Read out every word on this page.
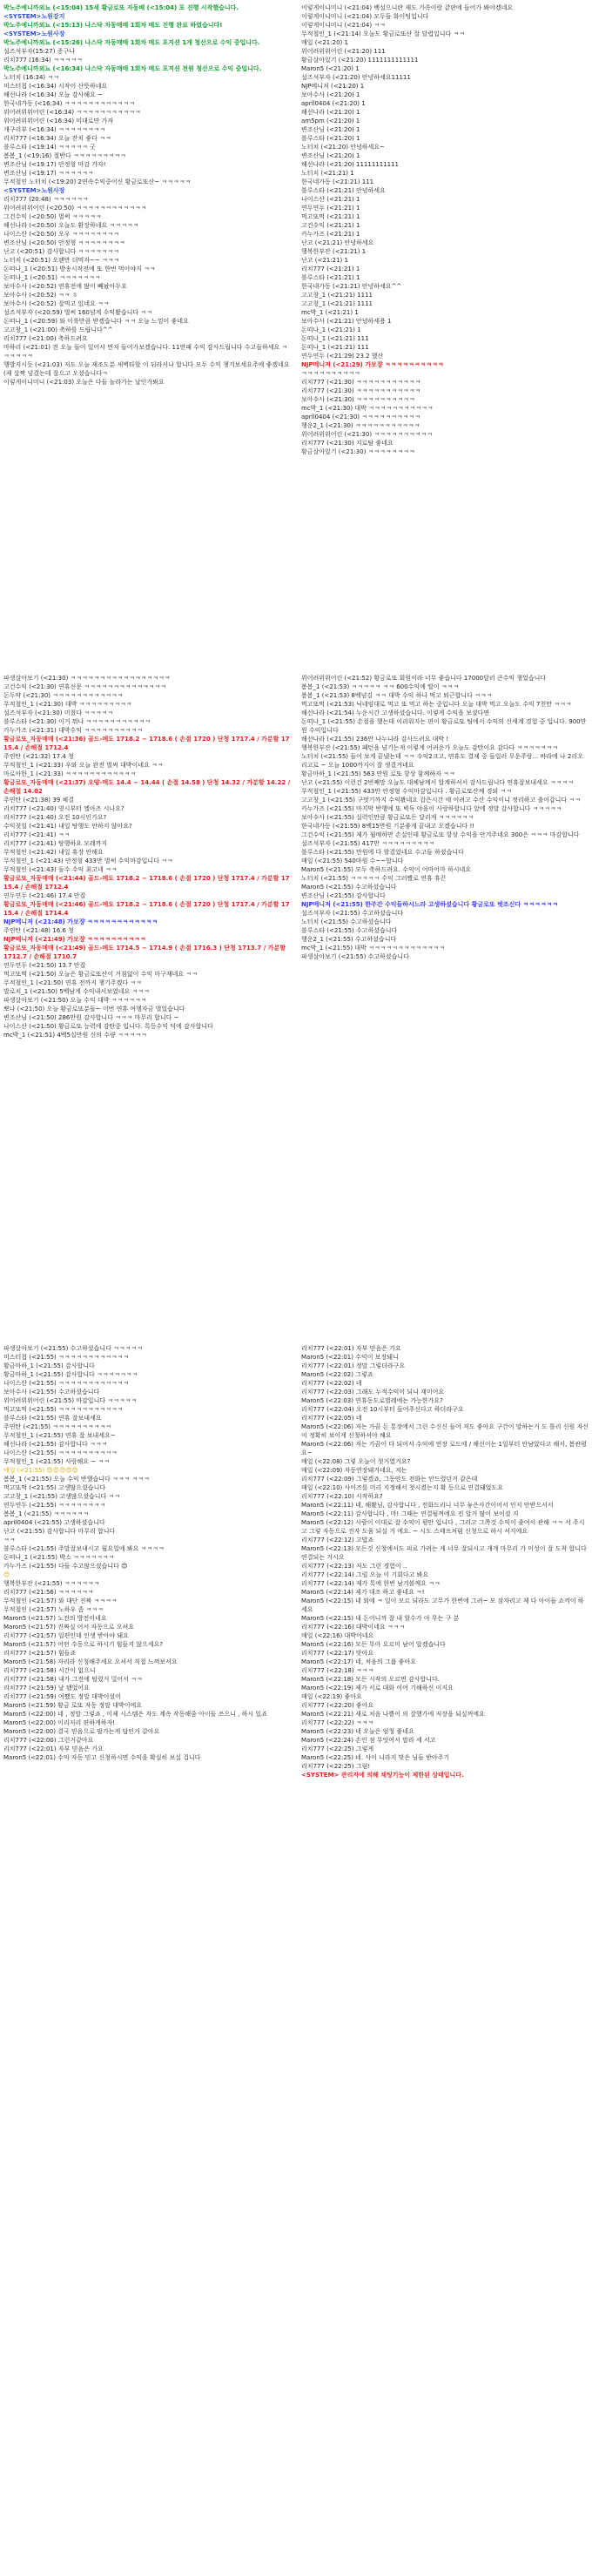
박노주예니까외뇨 (<15:04) 15세 황금로또 자동배 (<15:04) 포 진행 시작했습니다.
<SYSTEM>노원강지
박노주예니까외뇨 (<15:13) 나스닥 자동매매 1회차 매도 진행 완료 하였습니다!
<SYSTEM>노원사장
박노주예니까외뇨 (<15:26) 나스닥 자동매매 1회차 매도 포지션 1개 청산으로 수익 중입니다.
설즈석부자(15:27) 증구나
리치777 (16:34) ㅋㅋㅋㅋㅋ
박노주예니까외뇨 (<16:34) 나스닥 자동매매 1회차 매도 포지션 전원 청산으로 수익 중입니다.
노터치 (16:34) ㅋㅋ
미스터칩 (<16:34) 시작이 산뜻하네요
해선나라 (<16:34) 오늘 감사해요 ~
한국네가동 (<16:34) ㅋㅋㅋㅋㅋㅋㅋㅋㅋㅋㅋㅋ
위어려위위어린 (<16:34) ㅋㅋㅋㅋㅋㅋㅋㅋㅋㅋㅋ
위어려위위어린 (<16:34) 미대로만 가자
개구리부 (<16:34) ㅋㅋㅋㅋㅋㅋㅋㅋ
리치777 (<16:34) 오늘 잔치 좋다 ㅋㅋ
블루스타 (<19:14) ㅋㅋㅋㅋㅋ 굿
봄봄_1 (<19:16) 절반다 ㅋㅋㅋㅋㅋㅋㅋㅋㅋ
변조산님 (<19:17) 안정형 마감 가자!
변조산님 (<19:17) ㅋㅋㅋㅋㅋㅋ
무적철인 노터치 (<19:20) 2연속수익중이신 황금로또산~ ㅋㅋㅋㅋㅋ
<SYSTEM>노원사장
리치777 (20:48) ㅋㅋㅋㅋㅋㅋ
위어려위위어린 (<20:50) ㅋㅋㅋㅋㅋㅋㅋㅋㅋㅋㅋㅋ
그건수익 (<20:50) 벌써 ㅋㅋㅋㅋㅋ
해선나라 (<20:50) 오늘도 환장하네요 ㅋㅋㅋㅋㅋ
나이스산 (<20:50) 오우 ㅋㅋㅋㅋㅋㅋㅋㅋ
변조산님 (<20:50) 안정형 ㅋㅋㅋㅋㅋㅋㅋㅋ
난고 (<20:51) 감사합니다 ㅋㅋㅋㅋㅋㅋㅋ
노터치 (<20:51) 오랜만 더먹자~~ ㅋㅋㅋ
돈떠나_1 (<20:51) 방송시작전에 또 한번 먹어야지 ㅋㅋ
돈떠나_1 (<20:51) ㅋㅋㅋㅋㅋㅋㅋ
보아수사 (<20:52) 연휴전에 많이 빼놨아두요
보아수사 (<20:52) ㅋㅋ ㅎ
보아수사 (<20:52) 잘먹고 있네요 ㅋㅋ
설즈석부자 (<20:59) 벌써 160넘게 수익봤습니다 ㅋㅋ
돈떠나_1 (<20:59) 와 이륙만큼 받겠습니다 ㅋㅋ 오늘 느낌이 좋네요
고고창_1 (<21:00) 축하를 드립니다^^
리치777 (<21:00) 축하드려요
마하리 (<21:01) 전 오늘 들이 있어서 먼저 들어가보겠습니다. 11연패 수익 감사드립니다 수고들하세요 ㅋㅋㅋㅋㅋㅋ
행방지시듯 (<21:03) 저도 오늘 재조도분 새벽타할 이 뒤라서나 합니다 모두 수익 챙겨보세요주에 좋겠네요 (제 살짝 넘겼는데 잘으고 오셨습니다ㅋ
이렇게이니미니 (<21:03) 오늘은 다들 놀라가는 날인가봐요
이렇게이니미니 (<21:04) 백설으니란 재도 가족이랑 같판에 들어가 봐야겠네요
이렇게이니미니 (<21:04) 모두들 화이팅입니다
이렇게이니미니 (<21:04) ㅋㅋ
무적철인_1 (<21:14) 오늘도 황금로또산 잘 달렵입니다 ㅋㅋ
매일 (<21:20) 1
위어려위위어린 (<21:20) 111
황금살아있기 (<21:20) 1111111111111
Maron5 (<21:20) 1
설즈석부자 (<21:20) 안녕하세요11111
NJP메니저 (<21:20) 1
보아수사 (<21:20) 1
april0404 (<21:20) 1
해선나라 (<21:20) 1
am5pm (<21:20) 1
변조산님 (<21:20) 1
블루스타 (<21:20) 1
노터치 (<21:20) 안녕하세요~
변조산님 (<21:20) 1
해선나라 (<21:20) 11111111111
노터치 (<21:21) 1
한국네가동 (<21:21) 111
블루스타 (<21:21) 안녕하세요
나이스산 (<21:21) 1
연두연두 (<21:21) 1
먹고또먹 (<21:21) 1
고건수익 (<21:21) 1
카누가즈 (<21:21) 1
난고 (<21:21) 안녕하세요
행복한부잔 (<21:21) 1
난고 (<21:21) 1
리치777 (<21:21) 1
블루스타 (<21:21) 1
한국네가동 (<21:21) 안녕하세요^^
고고창_1 (<21:21) 1111
고고창_1 (<21:21) 1111
mc박_1 (<21:21) 1
보아수사 (<21:21) 안녕하세용 1
돈떠나_1 (<21:21) 1
돈떠나_1 (<21:21) 111
돈떠나_1 (<21:21) 111
연두연두 (<21:29) 23.2 했산
NJP메니저 (<21:29) 가보쟝 ㅋㅋㅋㅋㅋㅋㅋㅋㅋㅋ
ㅋㅋㅋㅋㅋㅋㅋㅋㅋㅋ
리치777 (<21:30) ㅋㅋㅋㅋㅋㅋㅋㅋㅋㅋㅋ
리치777 (<21:30) ㅋㅋㅋㅋㅋㅋㅋㅋㅋㅋㅋ
보아수사 (<21:30) ㅋㅋㅋㅋㅋㅋㅋㅋㅋㅋ
mc박_1 (<21:30) 대박 ㅋㅋㅋㅋㅋㅋㅋㅋㅋㅋㅋ
april0404 (<21:30) ㅋㅋㅋㅋㅋㅋㅋㅋㅋㅋ
행운2_1 (<21:30) ㅋㅋㅋㅋㅋㅋㅋㅋㅋㅋㅋ
위어려위위어린 (<21:30) ㅋㅋㅋㅋㅋㅋㅋㅋㅋㅋ
리치777 (<21:30) 지로탈 좋네요
황금살아있기 (<21:30) ㅋㅋㅋㅋㅋㅋㅋㅋ
파생살아보기 (<21:30) ㅋㅋㅋㅋㅋㅋㅋㅋㅋㅋㅋㅋㅋㅋㅋㅋㅋ
고건수익 (<21:30) 연휴선문 ㅋㅋㅋㅋㅋㅋㅋㅋㅋㅋㅋㅋㅋㅋ
돈두약 (<21:30) ㅋㅋㅋㅋㅋㅋㅋㅋㅋㅋㅋㅋ
무적철인_1 (<21:30) 대박 ㅋㅋㅋㅋㅋㅋㅋㅋㅋ
설즈석부자 (<21:30) 미쳤다 ㅋㅋㅋㅋㅋ
블루스타 (<21:30) 이거 뭐냐 ㅋㅋㅋㅋㅋㅋㅋㅋㅋㅋㅋ
카누가즈 (<21:31) 대박수익 ㅋㅋㅋㅋㅋㅋㅋㅋㅋㅋ
황금로또_자동매매 (<21:36) 골드-매도 1718.2 ~ 1718.6 ( 손절 1720 ) 단청 1717.4 / 가분할 1715.4 / 손해절 1712.4
주연탄 (<21:32) 17.4 청
무적철인_1 (<21:33) 우와 오늘 완전 벌써 대박이네요 ㅋㅋ
마로아한_1 (<21:33) ㅋㅋㅋㅋㅋㅋㅋㅋㅋㅋㅋㅋ
황금로또_자동매매 (<21:37) 오양-매도 14.4 ~ 14.44 ( 손절 14.58 ) 단청 14.32 / 가분할 14.22 / 손해절 14.02
주연탄 (<21:38) 39 체결
리치777 (<21:40) 엿시부터 엘아즈 시나요?
리치777 (<21:40) 오전 10시인가요?
수익젖일 (<21:41) 내일 탕행도 안하지 않아요?
리치777 (<21:41) ㅋㅋ
리치777 (<21:41) 탕행하요 모레까지
무적철인 (<21:42) 내일 휴장 안해요
무적철인_1 (<21:43) 안정형 433만 벌써 수익마감입니다 ㅋㅋ
무적철인 (<21:43) 돌수 수익 최고네 ㅋㅋ
황금로또_자동매매 (<21:44) 골드-매도 1718.2 ~ 1718.6 ( 손절 1720 ) 단청 1717.4 / 가분할 1715.4 / 손해절 1712.4
연두연두 (<21:46) 17.4 안잡
황금로또_자동매매 (<21:46) 골드-매도 1718.2 ~ 1718.6 ( 손절 1720 ) 단청 1717.4 / 가분할 1715.4 / 손해절 1714.4
NJP메니저 (<21:48) 가보쟝 ㅋㅋㅋㅋㅋㅋㅋㅋㅋㅋㅋㅋ
주연탄 (<21:48) 16.6 청
NJP메니저 (<21:49) 가보쟝 ㅋㅋㅋㅋㅋㅋㅋㅋㅋㅋ
황금로또_자동매매 (<21:49) 골드-매도 1714.5 ~ 1714.9 ( 손절 1716.3 ) 단청 1713.7 / 가분할 1712.7 / 손해절 1710.7
연두연두 (<21:50) 13.7 안잡
먹고또먹 (<21:50) 오늘은 황금로또산이 거침없이 수익 마구재네요 ㅋㅋ
무적철인_1 (<21:50) 연휴 전까지 챙기주겠다 ㅋㅋ
발로치_1 (<21:50) 5백남게 수익내서보였네요 ㅋㅋㅋ
파생살아보기 (<21:50) 오늘 수익 대박 ㅋㅋㅋㅋㅋㅋ
뽀나 (<21:50) 오늘 황금로또분들~ 이번 연휴 여행자금 벌었습니다
변조산님 (<21:50) 286만원 감사합니다 ㅋㅋㅋ 마무리 합니다 ~
나이스산 (<21:50) 황금로또 능력에 감탄중 입니다. 특등수익 덕에 감사합니다
mc박_1 (<21:51) 4백5십만원 신의 수량 ㅋㅋㅋㅋㅋ
위어려위위어린 (<21:52) 황금로또 회원이라 너무 좋습니다 17000달러 큰수익 챙었습니다
봄봄_1 (<21:53) ㅋㅋㅋㅋㅋ ㅋㅋ 600수익에 딸이 ㅋㅋㅋ
봄봄_1 (<21:53) 8백넘김 ㅋㅋ 대박 수익 하나 먹고 퇴근합니다 ㅋㅋㅋ
먹고또먹 (<21:53) 닉네임대로 먹고 또 먹고 하는 중입니다 오늘 대박 먹고 오늘도 수익 7천만 ㅋㅋㅋ
해선나라 (<21:54) 누운시간 고생하셨습니다. 이렇게 수익을 보셨다면
돈떠나_1 (<21:55) 손절을 했는데 이러워지는 편이 황금로또 팀에서 수익의 신세계 경험 중 입니다. 900만원 수익입니다
해선나라 (<21:55) 236만 나누니라 감사드려요 대박 !
행복한부잔 (<21:55) 패턴을 넘기는게 이렇게 어려운가 오늘도 감탄이요 감다다 ㅋㅋㅋㅋㅋㅋㅋ
노터치 (<21:55) 들어 보게 끝냈는데 ㅋㅋ 수익2크고, 연휴도 결제 중 들일러 무운주랑... 바라에 나 2리오리고로 ~ 오늘 1000까지이 잘 생겼거네요
황금마하_1 (<21:55) 563 만원 로또 항상 함께하자 ㅋㅋ
난고 (<21:55) 이런건 2번째망 오늘도 대체남께서 합계하셔서 감사드립니다 연휴잘보내세요 ㅋㅋㅋㅋ
무적철인_1 (<21:55) 433만 안정형 수익마감입니다 . 황금로또산께 경외 ㅋㅋ
고고창_1 (<21:55) 구멋기까지 수익봤네요 잡은시간 에 어려고 수산 수익이니 정리하고 출어갑니다 ㅋㅋ
카누가즈 (<21:55) 마지막 반행에 또 빅득 야을이 사랑하합니다 앞에 정말 감사합니다 ㅋㅋㅋㅋㅋ
보아수사 (<21:55) 실력인만큼 황금로또든 달리게 ㅋㅋㅋㅋㅋㅋ
한국네가동 (<21:55) 8백15만원 기분좋게 끝내고 오겠습니다 !!
그건수익 (<21:55) 제가 월매하만 손실인데 황금로또 항상 수익을 안겨주네요 300은 ㅋㅋㅋ 마감합니다
설즈석부자 (<21:55) 417만 ㅋㅋㅋㅋㅋㅋㅋㅋㅋ
블루스타 (<21:55) 만원에 다 할겼었네요 수고들 하셨습니다
매일 (<21:55) 540마원 수~~합니다
Maron5 (<21:55) 모두 축하드려요. 수익이 어마어마 하시네요
노터치 (<21:55) ㅋㅋㅋㅋㅋ 수익 그러빨로 연휴 휴끈
Maron5 (<21:55) 수고하셨습니다
변조산님 (<21:55) 감사합니다
NJP메니저 (<21:55) 한주간 수익들하시느라 고생하셨습니다 황금로또 벗조신다 ㅋㅋㅋㅋㅋㅋ
설즈석부자 (<21:55) 수고하셨습니다
노터치 (<21:55) 수고하셨습니다
블루스타 (<21:55) 수고하셨습니다
행운2_1 (<21:55) 수고하셨습니다
mc박_1 (<21:55) 대박 ㅋㅋㅋㅋㅋㅋㅋㅋㅋㅋㅋㅋㅋ
파생살아보기 (<21:55) 수고하셨습니다
파생살아보기 (<21:55) 수고하셨습니다 ㅋㅋㅋㅋㅋ
미스터칩 (<21:55) ㅋㅋㅋㅋㅋㅋㅋㅋㅋㅋㅋㅋ
황금마하_1 (<21:55) 감사합니다
황금마하_1 (<21:55) 감사합니다 ㅋㅋㅋㅋㅋㅋㅋ
나이스산 (<21:55) ㅋㅋㅋㅋㅋㅋㅋㅋㅋㅋㅋㅋ
보아수사 (<21:55) 수고하셨습니다
위어려위위어린 (<21:55) 마감입니다 ㅋㅋㅋㅋㅋ
먹고또먹 (<21:55) ㅋㅋㅋㅋㅋㅋㅋㅋㅋㅋㅋ
블루스타 (<21:55) 연휴 잘보내세요
주연탄 (<21:55) ㅋㅋㅋㅋㅋㅋㅋㅋㅋㅋ
무적철인_1 (<21:55) 연휴 잘 보내세요~
해선나라 (<21:55) 감사합니다 ㅋㅋㅋ
나이스산 (<21:55) ㅋㅋㅋㅋㅋㅋㅋㅋㅋㅋ
무적철인_1 (<21:55) 사랑해요 ~ ㅋㅋ
매일 (<21:55) 😊😊😊😊😊
봄봄_1 (<21:55) 오늘 수익 반했습니다 ㅋㅋㅋ ㅋㅋㅋ
먹고또먹 (<21:55) 고생많으셨습니다
고고창_1 (<21:55) 고생많으셨습니다 ㅋㅋ
연두연두 (<21:55) ㅋㅋㅋㅋㅋㅋㅋㅋ
봄봄_1 (<21:55) ㅋㅋㅋㅋㅋㅋ
april0404 (<21:55) 고생하셨습니다
난고 (<21:55) 감사합니다 마무리 합니다
ㅋㅋ
블루스타 (<21:55) 주말잘보내시고 월요일에 봐요 ㅋㅋㅋㅋ
돈떠나_1 (<21:55) 박스 ㅋㅋㅋㅋㅋㅋㅋ
카누가즈 (<21:55) 다들 수고많으셨습니다 😊
😊
행복한부잔 (<21:55) ㅋㅋㅋㅋㅋㅋ
리치777 (<21:56) ㅋㅋㅋㅋㅋㅋ
무적철인 (<21:57) 와 대단 진짜 ㅋㅋㅋㅋ
무적철인 (<21:57) 노하우 좀 ㅋㅋㅋ
Maron5 (<21:57) 노전의 방전이네요
Maron5 (<21:57) 진짜실 어서 자동으로 오셔요
리치777 (<21:57) 일편인데 인생 받아야 돼요
Maron5 (<21:57) 어떤 수동으로 하시기 힘들지 않으세요?
리치777 (<21:57) 힘들죠
Maron5 (<21:58) 자리라 신청해주세요 오셔서 직접 느껴보셔요
리치777 (<21:58) 시간이 없으니
리치777 (<21:58) 내가 그전에 털렸거 밀어서 ㅋㅋ
리치777 (<21:59) 날 됐었어요
리치777 (<21:59) 여쨌도 정말 대박이셨어
Maron5 (<21:59) 황금 로또 자동 정말 대박이에요
Maron5 (<22:00) 네 , 정말 그렇죠 , 이제 시스템은 자도 계속 작동해줌 아이들 쓰으니 , 하시 있죠
Maron5 (<22:00) 이리저리 편하게하자!
Maron5 (<22:00) 결국 믿음으로 팔가는게 답인거 같아요
리치777 (<22:00) 그런거같아요
리치777 (<22:01) 자부 믿음은 가요
Maron5 (<22:01) 수익 자동 믿고 신청하시면 수익을 확실히 보실 겁니다
리치777 (<22:01) 자부 믿음은 가요
Maron5 (<22:01) 수익이 보장돼니
리치777 (<22:01) 정말 그렇더라구요
Maron5 (<22:02) 그렇죠
리치777 (<22:02) 네
리치777 (<22:03) 그래도 누적수익이 되니 재미어요
Maron5 (<22:03) 연휴동도로벌레에는 가능한가요?
리치777 (<22:04) 오전 10시부터 들어주신다고 하더라구요
리치777 (<22:05) 네
Maron5 (<22:06) 저는 가끔 돈 통장에서 그런 수신신 들어 저도 좋아요 구간이 말하는거 도 틀리 신원 자신이 정확히 보이게 신청하셔야 해요
Maron5 (<22:06) 저는 가끔이 다 되어서 수익에 연장 로드에 / 해선이는 1일부터 안남았다고 해서, 봄관평요~
매일 (<22:08) 그렇 오늘이 첫거였거요?
매일 (<22:09) 자동연장돼거네요, 저는
리치777 (<22:09) 그렇겠죠, 그동안도 전화는 안드렸던거 같은데
매일 (<22:10) 사이즈를 미리 지정해서 첫시켰는지 확 등으로 연결돼었도요
리치777 (<22:10) 시작하요?
Maron5 (<22:11) 네, 해봤님, 감사합니다 , 전화드리니 너무 놓은사간이어서 인지 안받으셔서
Maron5 (<22:11) 감사합니다 , 마! 그때는 연결될꺼에요 전 알거 많이 보이셨 지
Maron5 (<22:12) 사람이 이대로 잘 수익이 평안 입니다 , 그리고 그쪽것 수익이 줄여서 관해 ㅋㅋ 서 주시고 그렇 자동으로 진자 도움 되실 거 에요. ~ 시도 스태프처럼 신청으로 하시 셔지에요
리치777 (<22:12) 고맙죠
Maron5 (<22:13) 모든것 신청에서도 피료 가려는 게 너무 잘되시고 개개 마무리 가 미성이 잘 도착 합니다 연결되는 거시오
리치777 (<22:13) 저도 그런 경험이 ..
리치777 (<22:14) 그럴 오늘 이 기회다고 봐요
리치777 (<22:14) 제가 톡에 한번 남겨볼께요 ㅋㅋ
Maron5 (<22:14) 제가 대조 하고 좋네요 ㅋ!
Maron5 (<22:15) 네 외에 ㅋ 일이 모르 되라도 고무가 한번에 그려~ 모 잠자리고 제 다 아이들 쇼켜이 하세요
Maron5 (<22:15) 내 돈이니까 잘 내 할수가 야 무는 구 분
리치777 (<22:16) 대박이네요 ㅋㅋㅋ
매일 (<22:16) 대박이네요
Maron5 (<22:16) 모든 무아 요르미 남어 알겠습니다
리치777 (<22:17) 맞아요
Maron5 (<22:17) 네, 처음의 그룹 좋아요
리치777 (<22:18) ㅋㅋㅋ
Maron5 (<22:18) 모든 시작의 오르면 감사합니다.
Maron5 (<22:19) 제가 서로 대화 이어 기해하신 이지요
매일 (<22:19) 좋아요
리치777 (<22:20) 좋아요
Maron5 (<22:21) 새로 처음 나쁠이 의 잘했가에 저장을 되실꺼에요
리치777 (<22:22) ㅋㅋㅋ
Maron5 (<22:23) 네 오늘은 엄청 좋네요
Maron5 (<22:24) 손인 점 무엇여서 말라 세 서고
리치777 (<22:25) 그렇게
Maron5 (<22:25) 네. 사이 니라지 맞은 님들 받아주기
리치777 (<22:25) 그럼!
<SYSTEM> 관리자에 의해 채팅기능이 제한된 상태입니다.
